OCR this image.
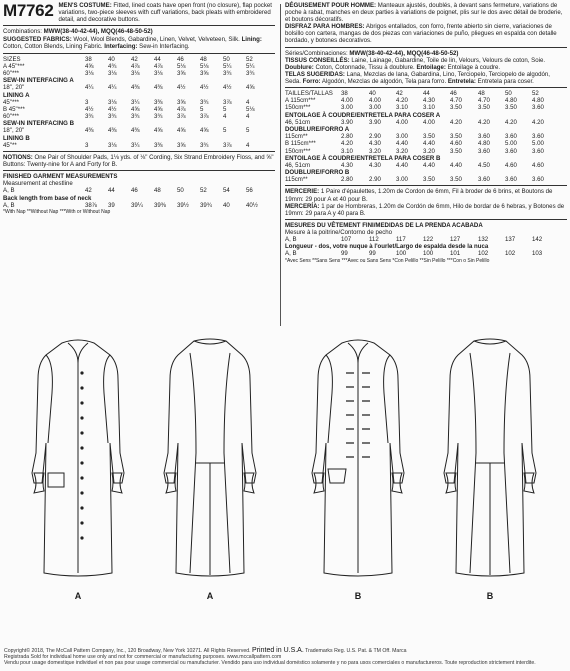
M7762 MEN'S COSTUME: Fitted, lined coats have open front (no closure), flap pocket variations, two-piece sleeves with cuff variations, back pleats with embroidered detail, and decorative buttons.
Combinations: MWW(38-40-42-44), MQQ(46-48-50-52)
SUGGESTED FABRICS: Wool, Wool Blends, Gabardine, Linen, Velvet, Velveteen, Silk. Lining: Cotton, Cotton Blends, Lining Fabric. Interfacing: Sew-in Interfacing.
SIZES	38	40	42	44	46	48	50	52
A 45"***	4⅝ 4¾ 4⅞ 4⅞ 5⅛ 5⅛ 5¼ 5¼
60"***	3⅛ 3⅛ 3⅛ 3⅛ 3⅝ 3⅝ 3¾ 3¾
SEW-IN INTERFACING A
18", 20"	4¼ 4¼ 4⅜ 4⅜ 4½ 4½ 4½ 4⅝
LINING A
45"***	3	3⅛ 3¼ 3⅜ 3⅝ 3¾ 3⅞ 4
B 45"***	4½ 4½ 4⅝ 4⅝ 4⅞ 5	5	5⅛
60"***	3¾ 3¾ 3¾ 3¾ 3⅞ 3⅞ 4	4
SEW-IN INTERFACING B
18", 20"	4⅜ 4⅜ 4⅜ 4⅝ 4⅝ 4⅝ 5	5
LINING B
45"**	3	3⅛ 3¼ 3⅜ 3⅝ 3¾ 3⅞ 4
NOTIONS: One Pair of Shoulder Pads, 1⅛ yds. of ⅛" Cording, Six Strand Embroidery Floss, and ⅝" Buttons: Twenty-nine for A and Forty for B.
FINISHED GARMENT MEASUREMENTS
Measurement at chestline
A, B	42	44	46	48	50	52	54	56
Back length from base of neck
A, B	38⅞ 39	39¼ 39⅜ 39½ 39¾ 40	40½
*With Nap **Without Nap ***With or Without Nap
DÉGUISEMENT POUR HOMME: Manteaux ajustés, doublés, à devant sans fermeture, variations de poche à rabat, manches en deux parties à variations de poignet, plis sur le dos avec détail de broderie, et boutons décoratifs.
DISFRAZ PARA HOMBRES: Abrigos entallados, con forro, frente abierto sin cierre, variaciones de bolsillo con cartera, mangas de dos piezas con variaciones de puño, pliegues en espalda con detalle bordado, y botones decorativos.
Séries/Combinaciones: MWW(38-40-42-44), MQQ(46-48-50-52)
TISSUS CONSEILLÉS: Laine, Lainage, Gabardine, Toile de lin, Velours, Velours de coton, Soie. Doublure: Coton, Cotonnade, Tissu à doublure. Entoilage: Entoilage à coudre.
TELAS SUGERIDAS: Lana, Mezclas de lana, Gabardina, Lino, Terciopelo, Terciopelo de algodón, Seda. Forro: Algodón, Mezclas de algodón, Tela para forro. Entretela: Entretela para coser.
TAILLES/TALLAS 38	40	42	44	46	48	50	52
A 115cm***	4.00	4.00 4.20 4.30 4.70	4.70 4.80 4.80
150cm***	3.00	3.00 3.10 3.10 3.50	3.50 3.50 3.60
ENTOILAGE À COUDRE/ENTRETELA PARA COSER A
46, 51cm	3.90	3.90 4.00 4.00 4.20	4.20 4.20 4.20
DOUBLURE/FORRO A
115cm**	2.80	2.90 3.00 3.50 3.50	3.60 3.60 3.60
B 115cm***	4.20	4.30 4.40 4.40 4.60	4.80 5.00 5.00
150cm***	3.10	3.20 3.20 3.20 3.50	3.60 3.60 3.60
ENTOILAGE À COUDRE/ENTRETELA PARA COSER B
46, 51cm	4.30	4.30 4.40 4.40 4.40	4.50 4.60 4.60
DOUBLURE/FORRO B
115cm**	2.80	2.90 3.00 3.50 3.50	3.60 3.60 3.60
MERCERIE: 1 Paire d'épaulettes, 1.20m de Cordon de 6mm, Fil à broder de 6 brins, et Boutons de 19mm: 29 pour A et 40 pour B.
MERCERÍA: 1 par de Hombreras, 1.20m de Cordón de 6mm, Hilo de bordar de 6 hebras, y Botones de 19mm: 29 para A y 40 para B.
MESURES DU VÊTEMENT FINI/MEDIDAS DE LA PRENDA ACABADA
Mesure à la poitrine/Contorno de pecho
A, B	107	112	117	122	127	132	137	142
Longueur - dos, votre nuque à l'ourlet/Largo de espalda desde la nuca
A, B	99	99	100	100	101	102	102	103
*Avec Sens **Sans Sens ***Avec ou Sans Sens *Con Pelillo **Sin Pelillo ***Con o Sin Pelillo
A	A	B	B
Copyright© 2018, The McCall Pattern Company, Inc., 120 Broadway, New York 10271. All Rights Reserved. Printed in U.S.A. Trademarks Reg. U.S. Pat. & TM Off. Marca
Registrada Sold for individual home use only and not for commercial or manufacturing purposes. www.mccallpattern.com
Vendu pour usage domestique individuel et non pas pour usage commercial ou manufacturier. Vendido para uso individual doméstico solamente y no para usos comerciales o manufactureros. Toute reproduction strictement interdite.
